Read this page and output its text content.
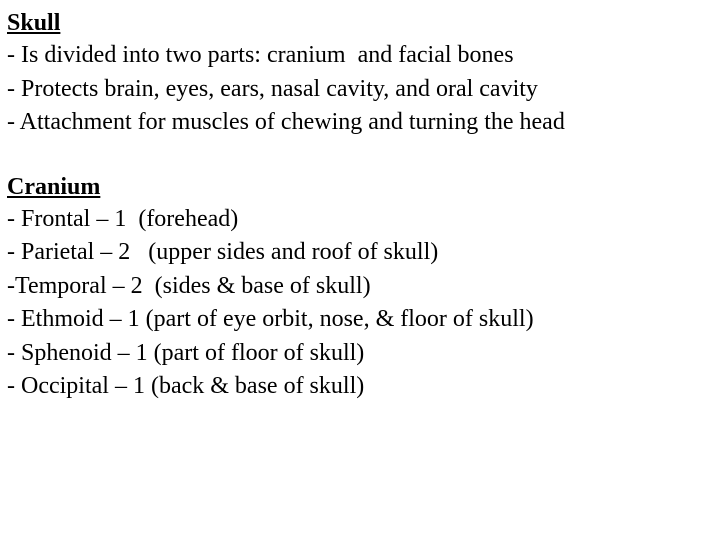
Skull
- Is divided into two parts: cranium  and facial bones
- Protects brain, eyes, ears, nasal cavity, and oral cavity
- Attachment for muscles of chewing and turning the head
Cranium
- Frontal – 1  (forehead)
- Parietal – 2   (upper sides and roof of skull)
-Temporal – 2  (sides & base of skull)
- Ethmoid – 1 (part of eye orbit, nose, & floor of skull)
- Sphenoid – 1 (part of floor of skull)
- Occipital – 1 (back & base of skull)
